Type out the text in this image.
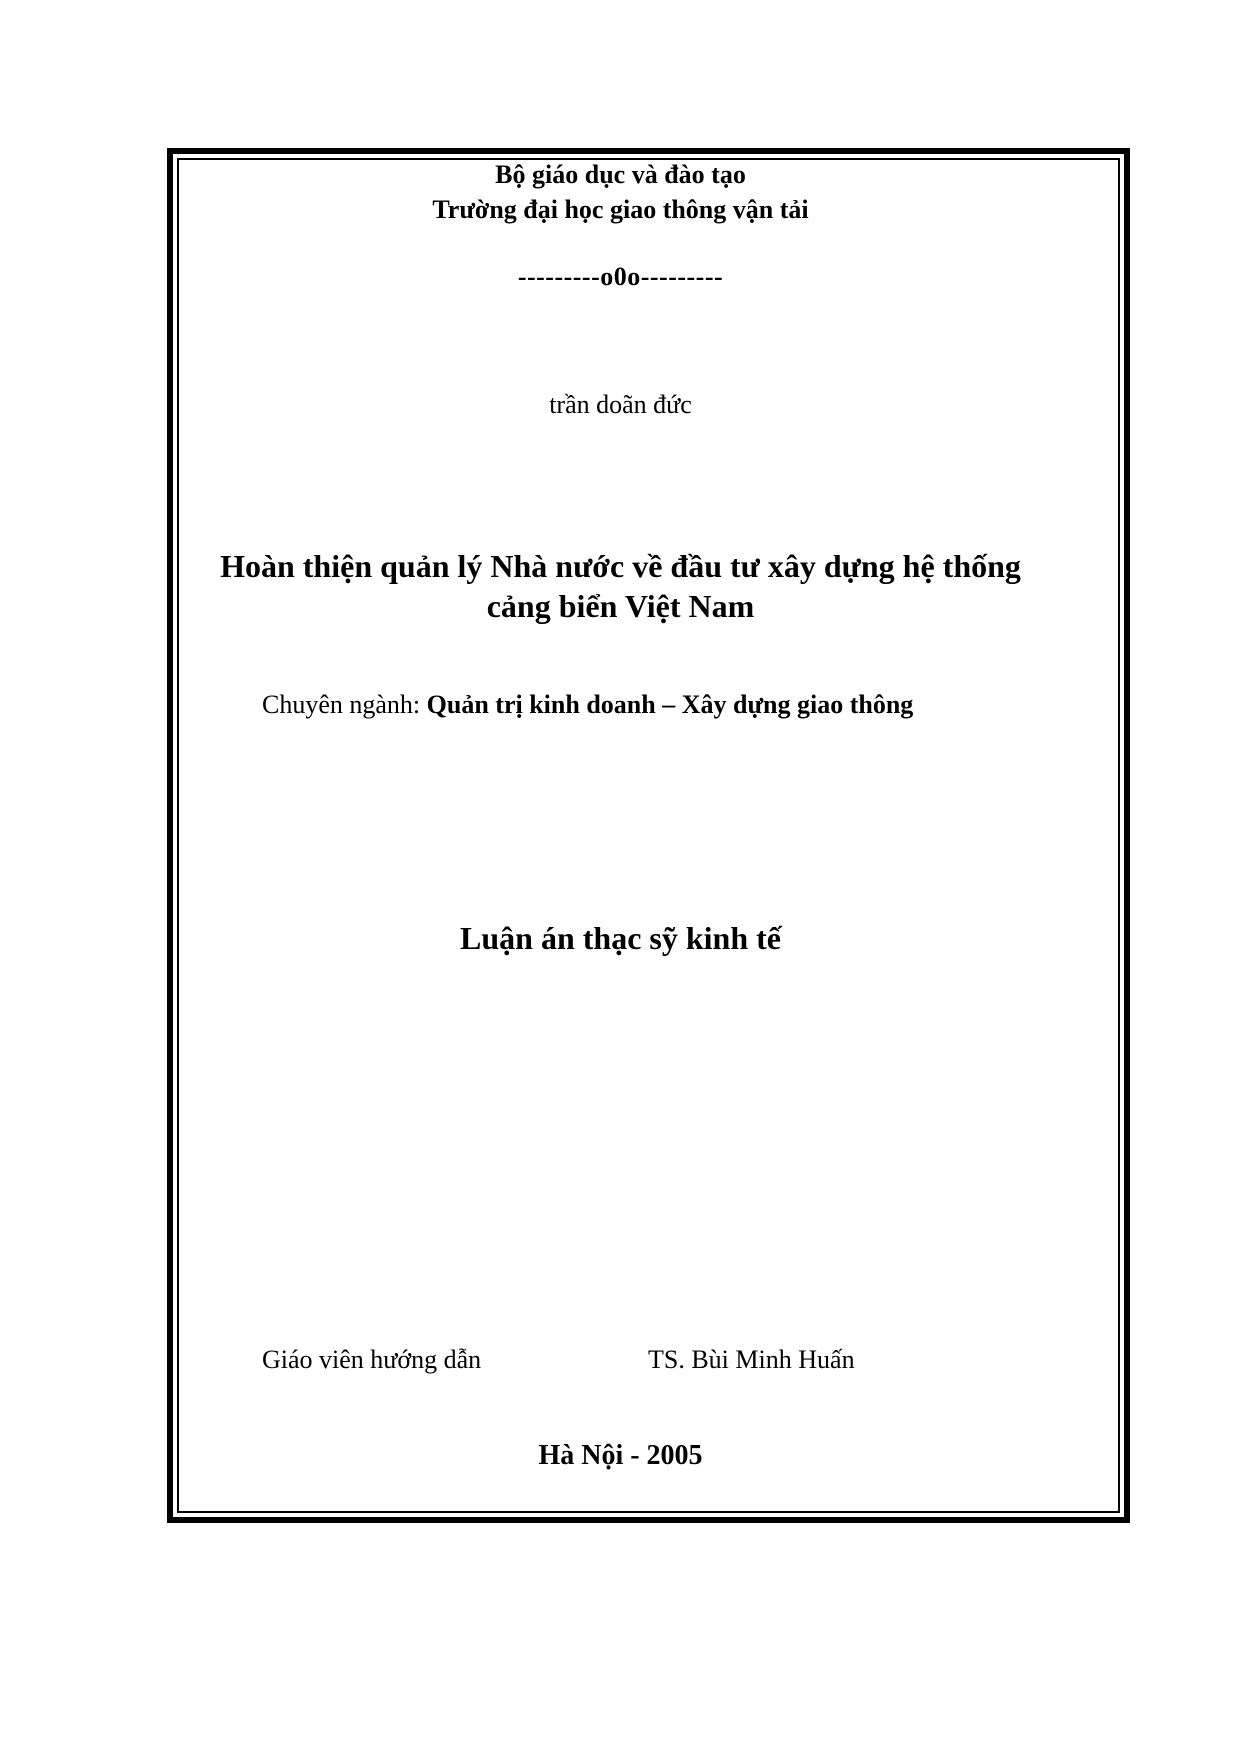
Bộ giáo dục và đào tạo
Trường đại học giao thông vận tải
---------o0o---------
trần doãn đức
Hoàn thiện quản lý Nhà nước về đầu tư xây dựng hệ thống
cảng biển Việt Nam
Chuyên ngành: Quản trị kinh doanh – Xây dựng giao thông
Luận án thạc sỹ kinh tế
Giáo viên hướng dẫn	TS. Bùi Minh Huấn
Hà Nội - 2005
